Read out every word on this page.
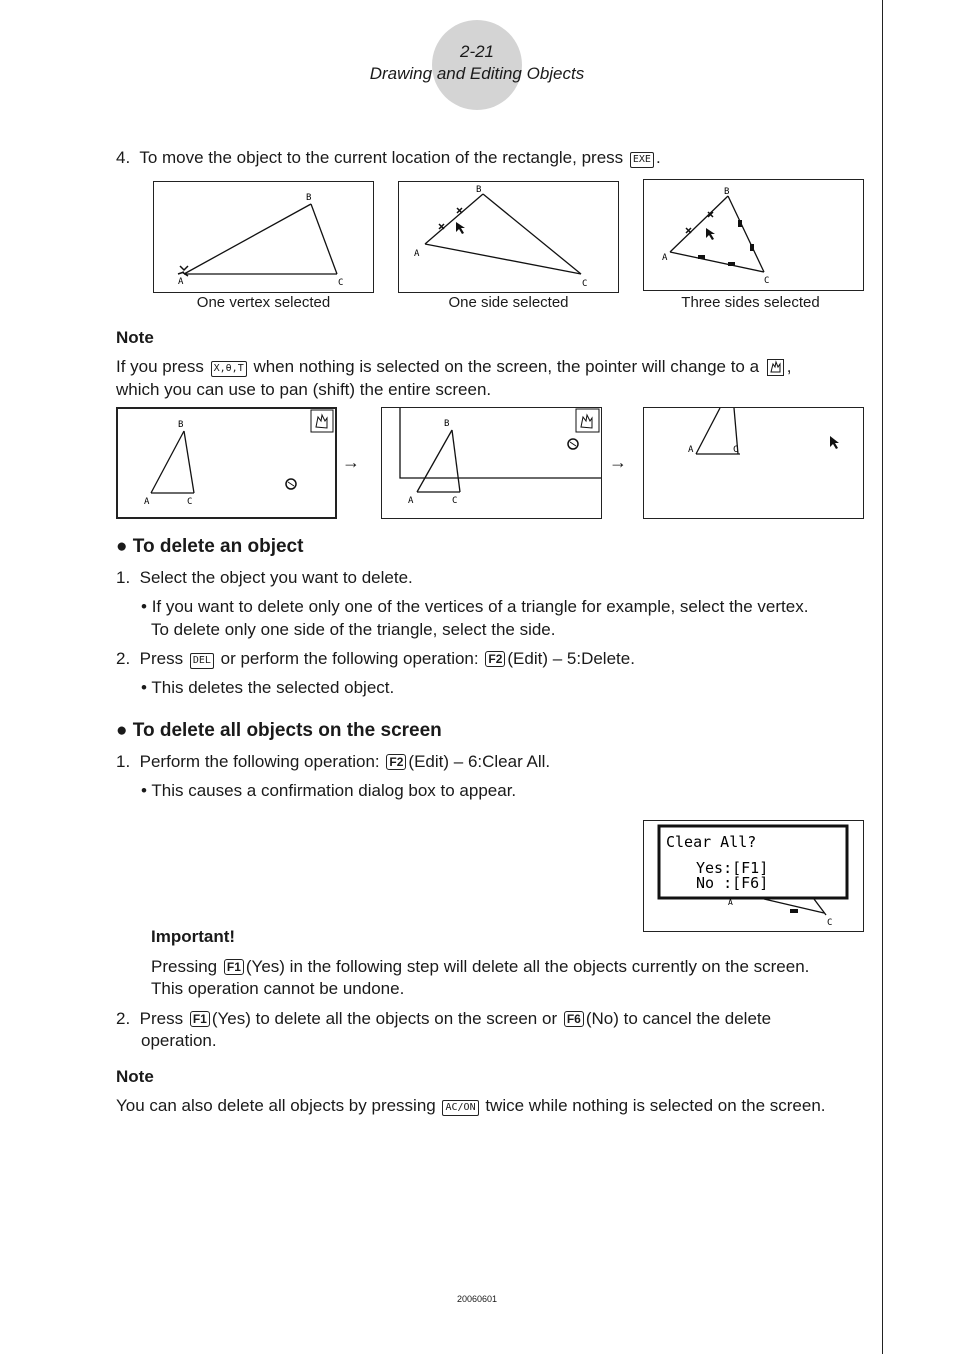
2-21
Drawing and Editing Objects
4. To move the object to the current location of the rectangle, press EXE .
B
C
A
B
C
A
B
C
A
One vertex selected	One side selected	Three sides selected
Note
If you press X,θ,T when nothing is selected on the screen, the pointer will change to a ,
which you can use to pan (shift) the entire screen.
B
C
A
→
B
C
A
→
A	C
● To delete an object
1. Select the object you want to delete.
• If you want to delete only one of the vertices of a triangle for example, select the vertex.
To delete only one side of the triangle, select the side.
2. Press DEL or perform the following operation: F2 (Edit) – 5:Delete.
• This deletes the selected object.
● To delete all objects on the screen
1. Perform the following operation: F2 (Edit) – 6:Clear All.
• This causes a confirmation dialog box to appear.
A
C
Clear All?
Yes:[F1]
No :[F6]
Important!
Pressing F1 (Yes) in the following step will delete all the objects currently on the screen.
This operation cannot be undone.
2. Press F1 (Yes) to delete all the objects on the screen or F6 (No) to cancel the delete
operation.
Note
You can also delete all objects by pressing AC/ON twice while nothing is selected on the screen.
20060601
